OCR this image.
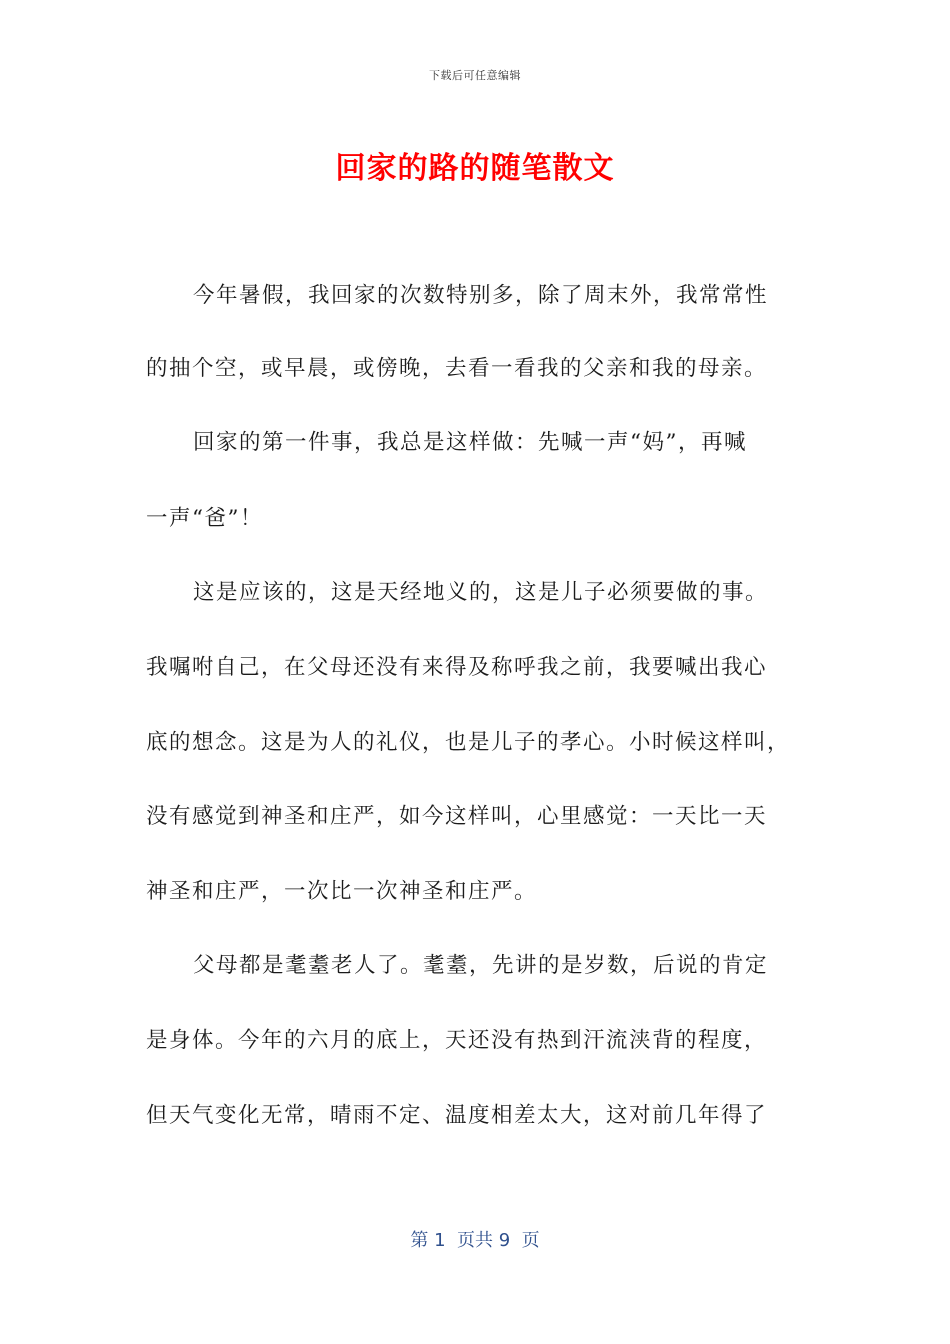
下载后可任意编辑
回家的路的随笔散文
今年暑假，我回家的次数特别多，除了周末外，我常常性
的抽个空，或早晨，或傍晚，去看一看我的父亲和我的母亲。
回家的第一件事，我总是这样做：先喊一声“妈”，再喊
一声“爸”！
这是应该的，这是天经地义的，这是儿子必须要做的事。
我嘱咐自己，在父母还没有来得及称呼我之前，我要喊出我心
底的想念。这是为人的礼仪，也是儿子的孝心。小时候这样叫，
没有感觉到神圣和庄严，如今这样叫，心里感觉：一天比一天
神圣和庄严，一次比一次神圣和庄严。
父母都是耄耋老人了。耄耋，先讲的是岁数，后说的肯定
是身体。今年的六月的底上，天还没有热到汗流浃背的程度，
但天气变化无常，晴雨不定、温度相差太大，这对前几年得了
第 1  页共 9  页
